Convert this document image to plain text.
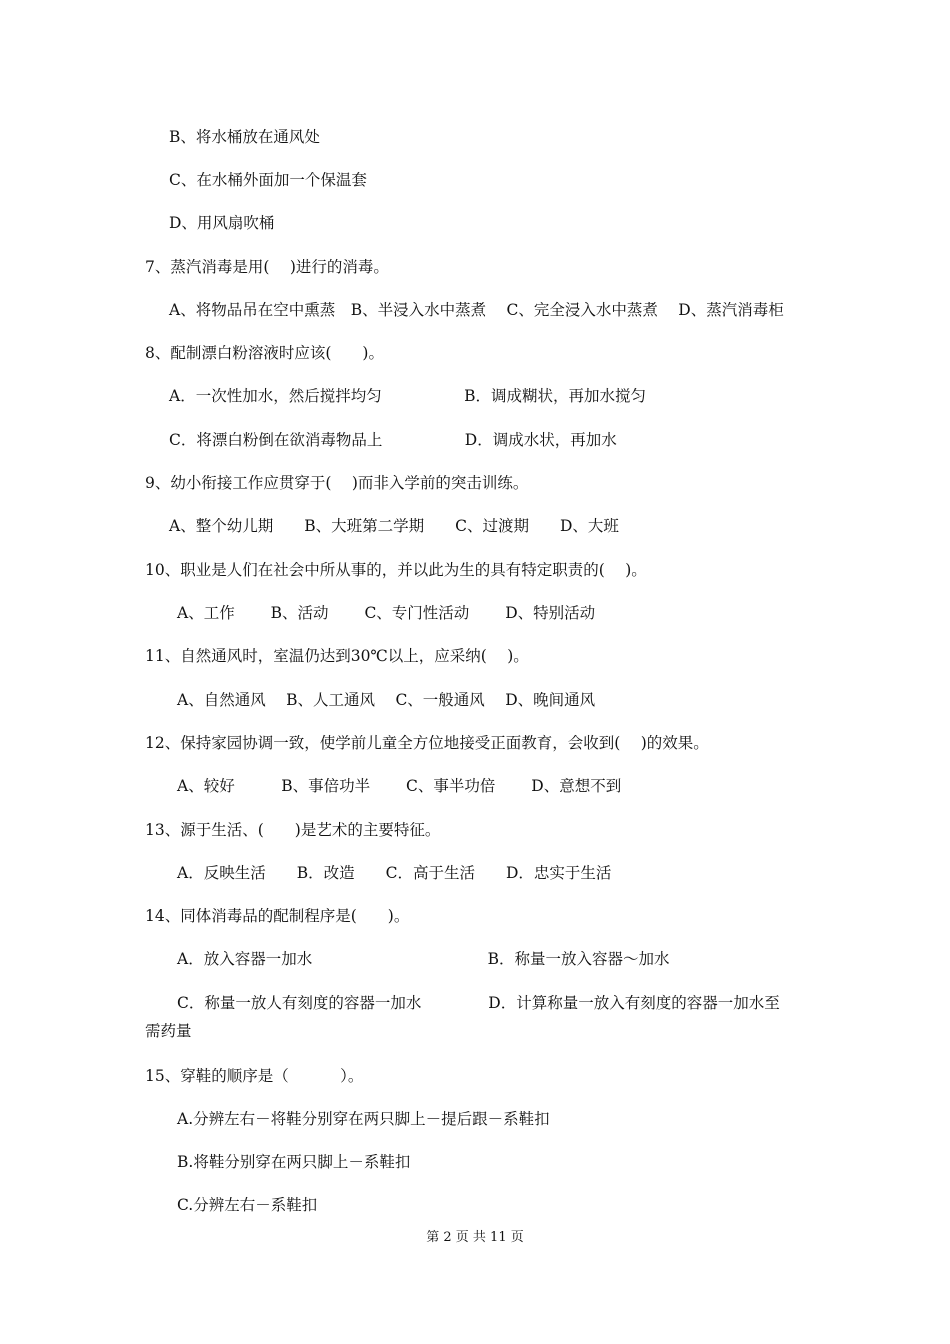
B、将水桶放在通风处
C、在水桶外面加一个保温套
D、用风扇吹桶
7、蒸汽消毒是用(　 )进行的消毒。
A、将物品吊在空中熏蒸　B、半浸入水中蒸煮　 C、完全浸入水中蒸煮　 D、蒸汽消毒柜
8、配制漂白粉溶液时应该(　　)。
A．一次性加水，然后搅拌均匀　　　　　 B．调成糊状，再加水搅匀
C．将漂白粉倒在欲消毒物品上　　　　　 D．调成水状，再加水
9、幼小衔接工作应贯穿于(　 )而非入学前的突击训练。
A、整个幼儿期　　B、大班第二学期　　C、过渡期　　D、大班
10、职业是人们在社会中所从事的，并以此为生的具有特定职责的(　 )。
A、工作　　 B、活动　　 C、专门性活动　　 D、特别活动
11、自然通风时，室温仍达到30℃以上，应采纳(　 )。
A、自然通风　 B、人工通风　 C、一般通风　 D、晚间通风
12、保持家园协调一致，使学前儿童全方位地接受正面教育，会收到(　 )的效果。
A、较好　　　B、事倍功半　　 C、事半功倍　　 D、意想不到
13、源于生活、(　　)是艺术的主要特征。
A．反映生活　　B．改造　　C．高于生活　　D．忠实于生活
14、同体消毒品的配制程序是(　　)。
A．放入容器一加水　　　　　　　　　　　 B．称量一放入容器～加水
C．称量一放人有刻度的容器一加水　　　　 D．计算称量一放入有刻度的容器一加水至
需药量
15、穿鞋的顺序是（　　　 ）。
A.分辨左右－将鞋分别穿在两只脚上－提后跟－系鞋扣
B.将鞋分别穿在两只脚上－系鞋扣
C.分辨左右－系鞋扣
第 2 页 共 11 页
